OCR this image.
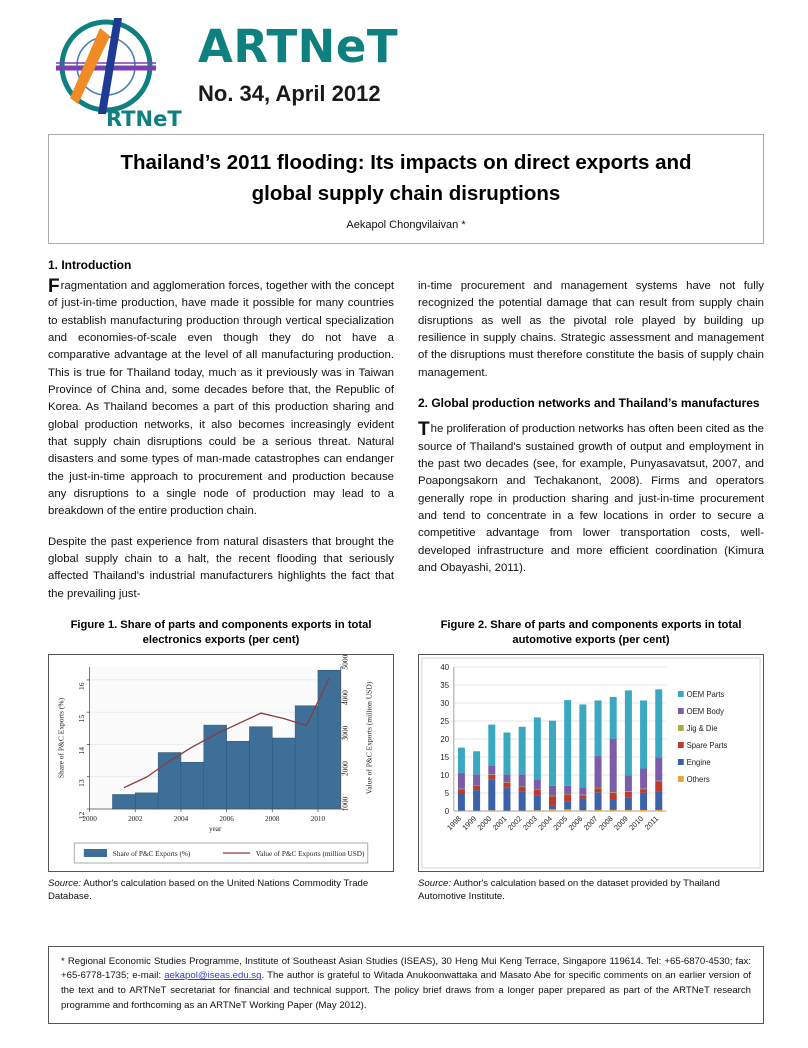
RTNeT
ARTNeT
No. 34, April 2012
Thailand’s 2011 flooding: Its impacts on direct exports and
global supply chain disruptions
Aekapol Chongvilaivan *
1. Introduction

Fragmentation and agglomeration forces, together with the concept of just-in-time production, have made it possible for many countries to establish manufacturing production through vertical specialization and economies-of-scale even though they do not have a comparative advantage at the level of all manufacturing production. This is true for Thailand today, much as it previously was in Taiwan Province of China and, some decades before that, the Republic of Korea. As Thailand becomes a part of this production sharing and global production networks, it also becomes increasingly evident that supply chain disruptions could be a serious threat. Natural disasters and some types of man-made catastrophes can endanger the just-in-time approach to procurement and production because any disruptions to a single node of production may lead to a breakdown of the entire production chain.

Despite the past experience from natural disasters that brought the global supply chain to a halt, the recent flooding that seriously affected Thailand's industrial manufacturers highlights the fact that the prevailing just-

in-time procurement and management systems have not fully recognized the potential damage that can result from supply chain disruptions as well as the pivotal role played by building up resilience in supply chains. Strategic assessment and management of the disruptions must therefore constitute the basis of supply chain management.

2. Global production networks and Thailand’s manufactures

The proliferation of production networks has often been cited as the source of Thailand's sustained growth of output and employment in the past two decades (see, for example, Punyasavatsut, 2007, and Poapongsakorn and Techakanont, 2008). Firms and operators generally rope in production sharing and just-in-time procurement and tend to concentrate in a few locations in order to secure a competitive advantage from lower transportation costs, well-developed infrastructure and more efficient coordination (Kimura and Obayashi, 2011).

Figure 1. Share of parts and components exports in total
electronics exports (per cent)
12
13
14
15
16
1000
2000
3000
4000
5000
2000	2002	2004	2006	2008	2010
year
Share of P&C Exports (%)	Value of P&C Exports (million USD)
Share of P&C Exports (%)	Value of P&C Exports (million USD)
Source: Author's calculation based on the United Nations Commodity Trade Database.
Figure 2. Share of parts and components exports in total
automotive exports (per cent)
0
5
10
15
20
25
30
35
40
1998
1999
2000
2001
2002
2003
2004
2005
2006
2007
2008
2009
2010
2011
OEM Parts
OEM Body
Jig & Die
Spare Parts
Engine
Others
Source: Author's calculation based on the dataset provided by Thailand Automotive Institute.

* Regional Economic Studies Programme, Institute of Southeast Asian Studies (ISEAS), 30 Heng Mui Keng Terrace, Singapore 119614. Tel: +65-6870-4530; fax: +65-6778-1735; e-mail: aekapol@iseas.edu.sg. The author is grateful to Witada Anukoonwattaka and Masato Abe for specific comments on an earlier version of the text and to ARTNeT secretariat for financial and technical support. The policy brief draws from a longer paper prepared as part of the ARTNeT research programme and forthcoming as an ARTNeT Working Paper (May 2012).
